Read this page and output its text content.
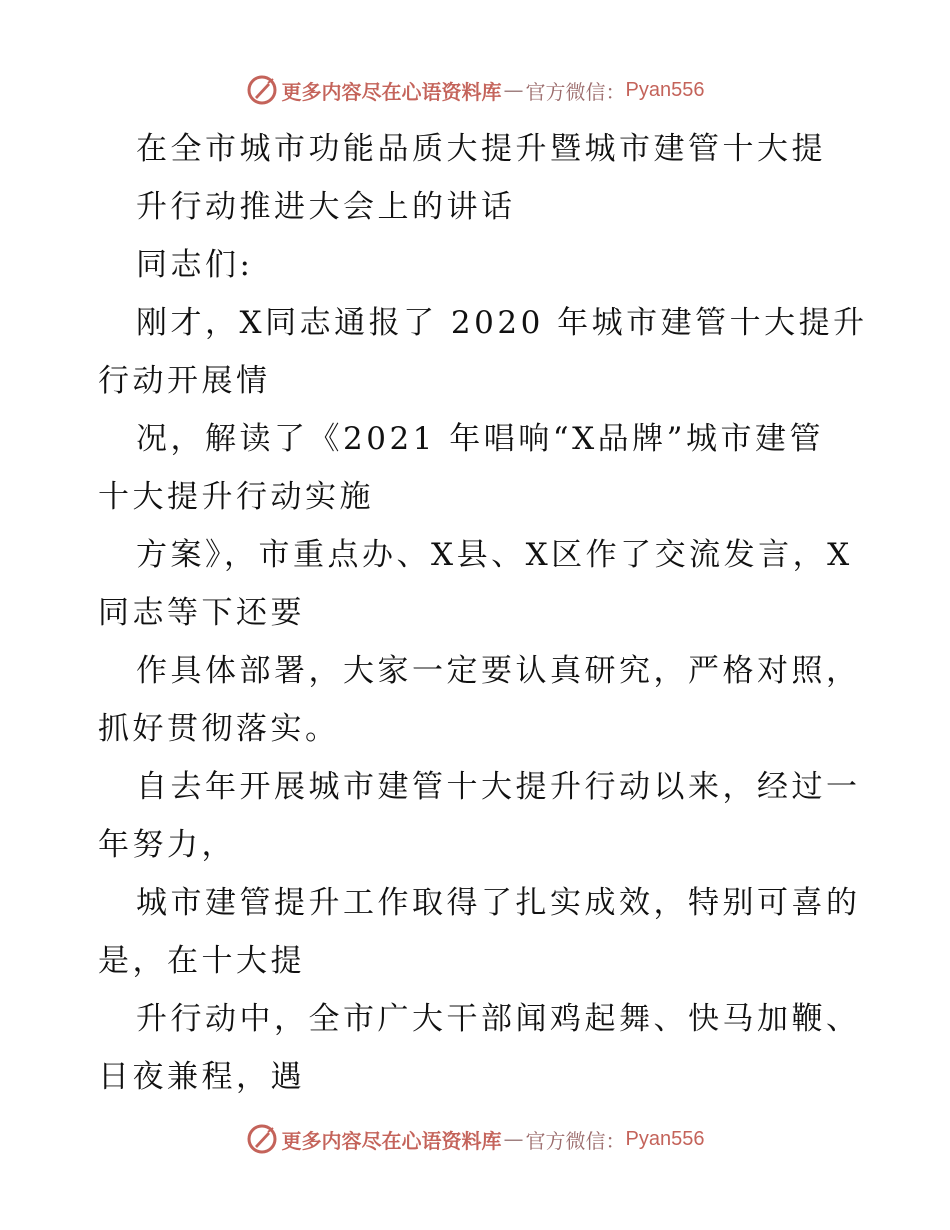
更多内容尽在心语资料库 — 官方微信： Pyan556
在全市城市功能品质大提升暨城市建管十大提
升行动推进大会上的讲话
同志们:
刚才，X同志通报了 2020 年城市建管十大提升
行动开展情
况，解读了《2021 年唱响“X品牌”城市建管
十大提升行动实施
方案》，市重点办、X县、X区作了交流发言，X
同志等下还要
作具体部署，大家一定要认真研究，严格对照，
抓好贯彻落实。
自去年开展城市建管十大提升行动以来，经过一
年努力，
城市建管提升工作取得了扎实成效，特别可喜的
是，在十大提
升行动中，全市广大干部闻鸡起舞、快马加鞭、
日夜兼程，遇
更多内容尽在心语资料库 — 官方微信： Pyan556
